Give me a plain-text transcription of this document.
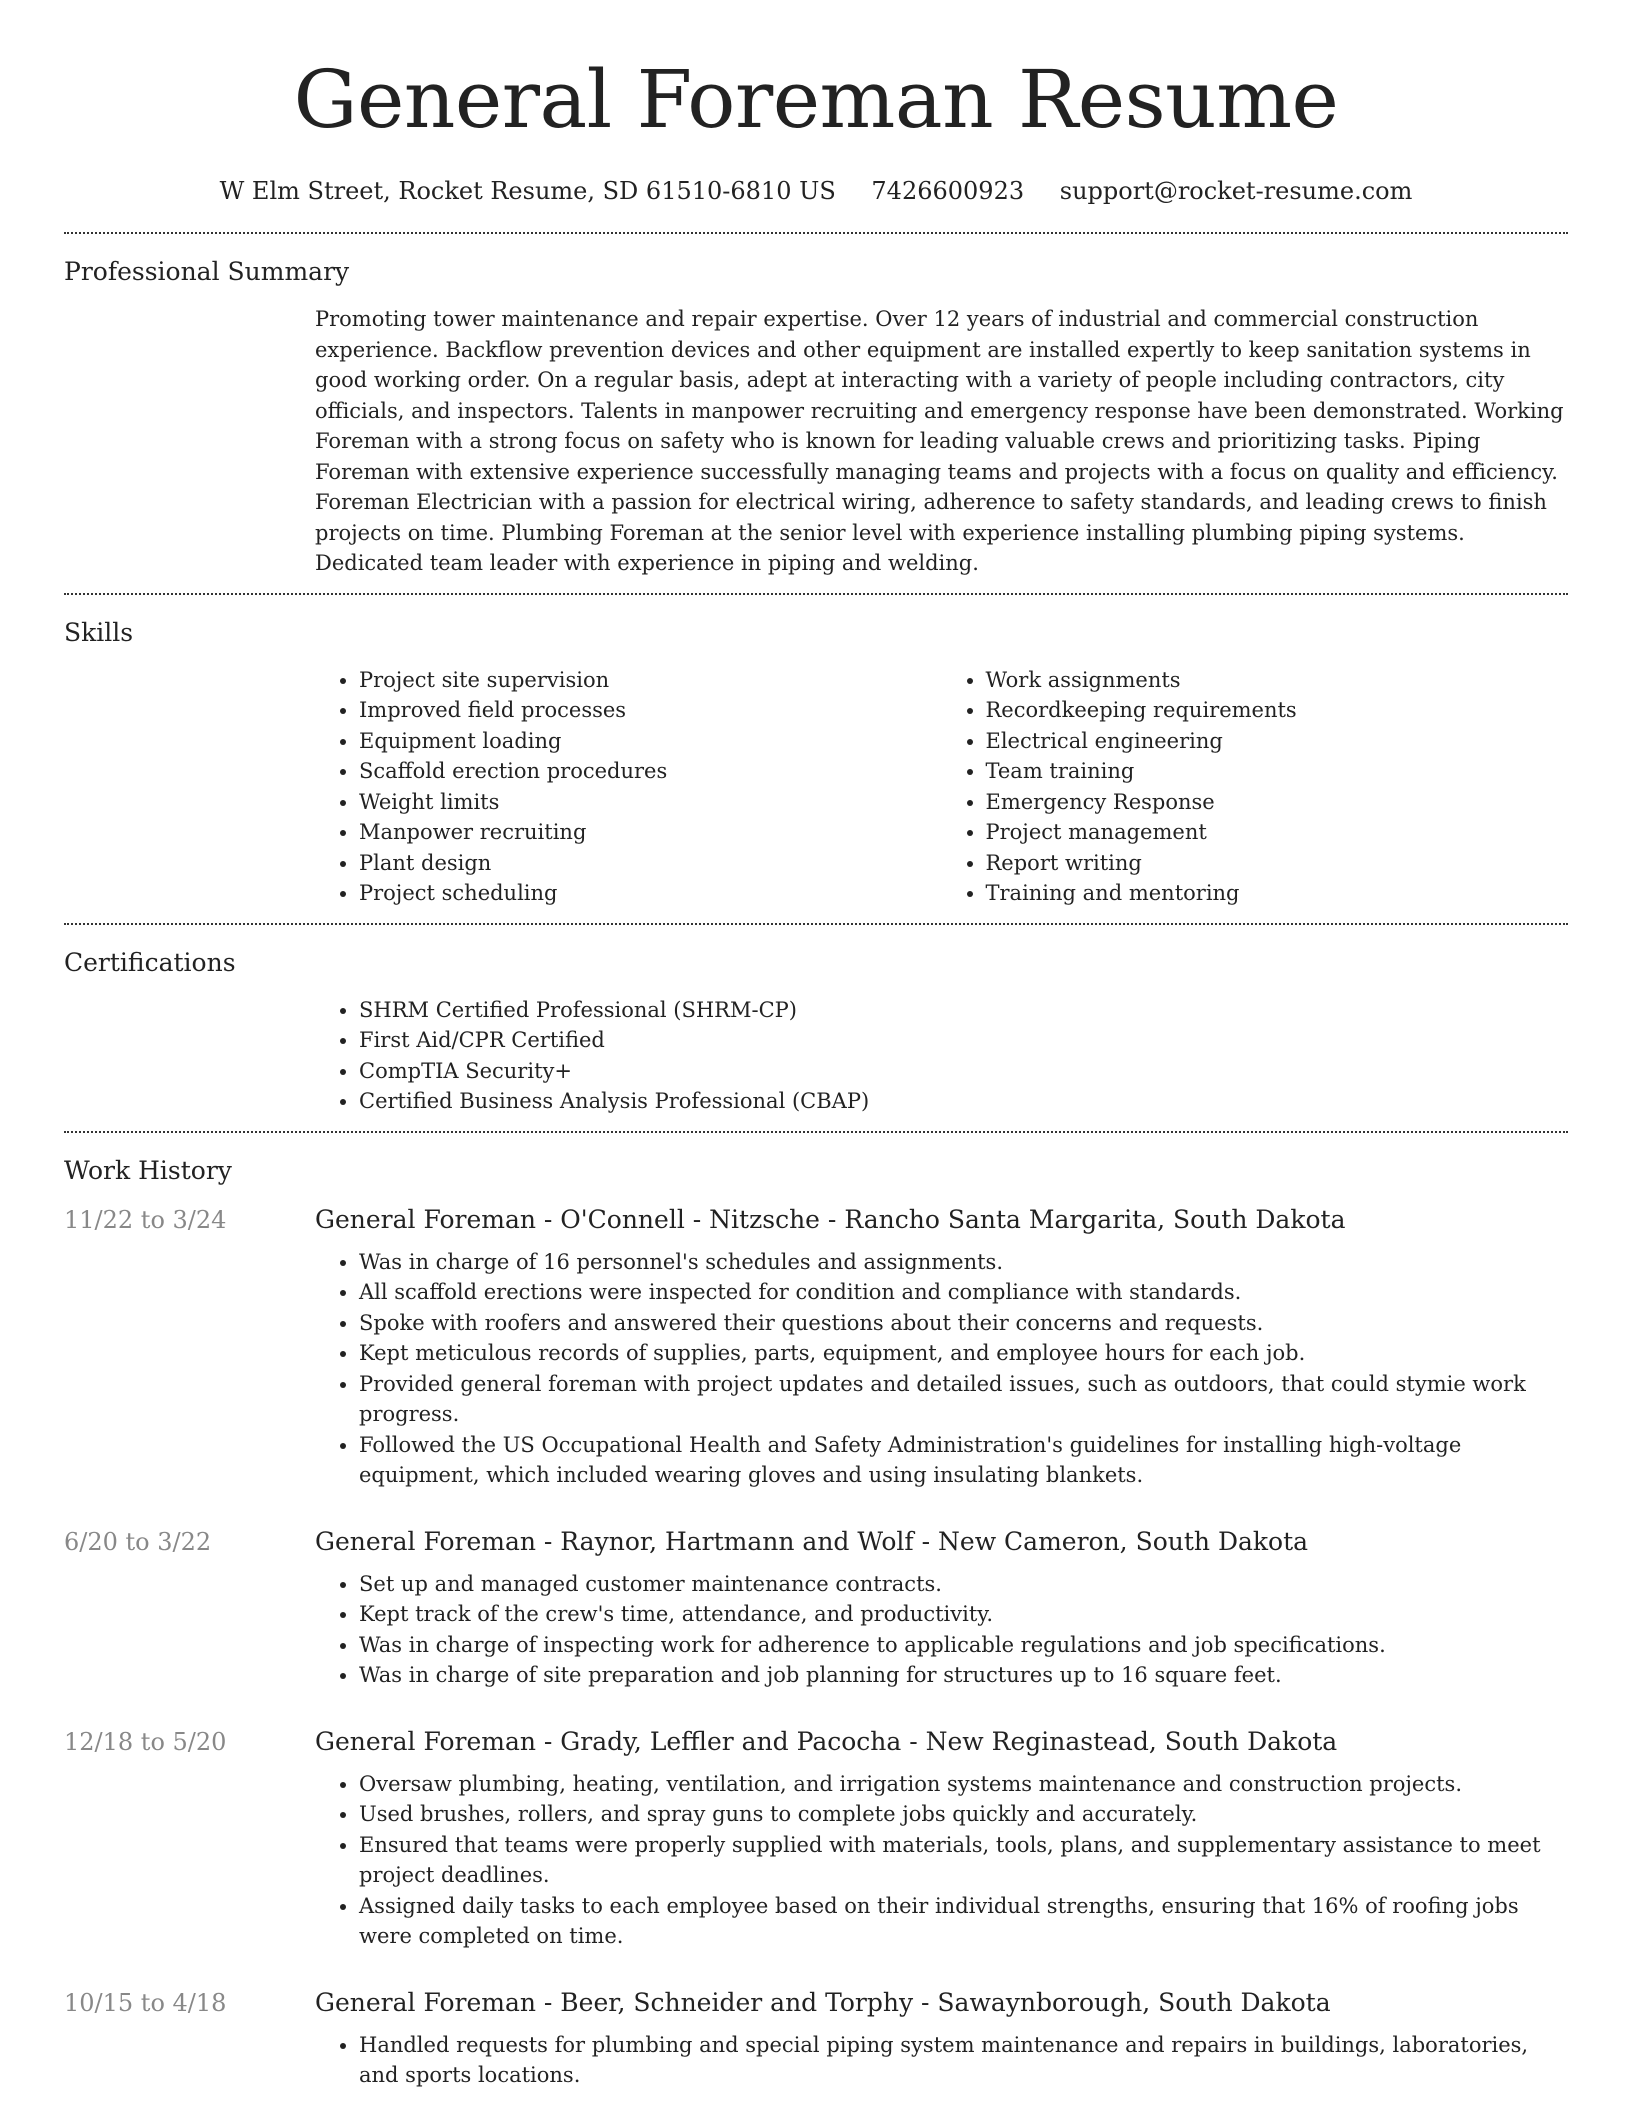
General Foreman Resume
W Elm Street, Rocket Resume, SD 61510-6810 US 7426600923 support@rocket-resume.com
Professional Summary
Promoting tower maintenance and repair expertise. Over 12 years of industrial and commercial construction experience. Backflow prevention devices and other equipment are installed expertly to keep sanitation systems in good working order. On a regular basis, adept at interacting with a variety of people including contractors, city officials, and inspectors. Talents in manpower recruiting and emergency response have been demonstrated. Working Foreman with a strong focus on safety who is known for leading valuable crews and prioritizing tasks. Piping Foreman with extensive experience successfully managing teams and projects with a focus on quality and efficiency. Foreman Electrician with a passion for electrical wiring, adherence to safety standards, and leading crews to finish projects on time. Plumbing Foreman at the senior level with experience installing plumbing piping systems. Dedicated team leader with experience in piping and welding.
Skills
• Project site supervision
• Improved field processes
• Equipment loading
• Scaffold erection procedures
• Weight limits
• Manpower recruiting
• Plant design
• Project scheduling
• Work assignments
• Recordkeeping requirements
• Electrical engineering
• Team training
• Emergency Response
• Project management
• Report writing
• Training and mentoring
Certifications
• SHRM Certified Professional (SHRM-CP)
• First Aid/CPR Certified
• CompTIA Security+
• Certified Business Analysis Professional (CBAP)
Work History
11/22 to 3/24	General Foreman - O'Connell - Nitzsche - Rancho Santa Margarita, South Dakota
• Was in charge of 16 personnel's schedules and assignments.
• All scaffold erections were inspected for condition and compliance with standards.
• Spoke with roofers and answered their questions about their concerns and requests.
• Kept meticulous records of supplies, parts, equipment, and employee hours for each job.
• Provided general foreman with project updates and detailed issues, such as outdoors, that could stymie work progress.
• Followed the US Occupational Health and Safety Administration's guidelines for installing high-voltage equipment, which included wearing gloves and using insulating blankets.
6/20 to 3/22	General Foreman - Raynor, Hartmann and Wolf - New Cameron, South Dakota
• Set up and managed customer maintenance contracts.
• Kept track of the crew's time, attendance, and productivity.
• Was in charge of inspecting work for adherence to applicable regulations and job specifications.
• Was in charge of site preparation and job planning for structures up to 16 square feet.
12/18 to 5/20	General Foreman - Grady, Leffler and Pacocha - New Reginastead, South Dakota
• Oversaw plumbing, heating, ventilation, and irrigation systems maintenance and construction projects.
• Used brushes, rollers, and spray guns to complete jobs quickly and accurately.
• Ensured that teams were properly supplied with materials, tools, plans, and supplementary assistance to meet project deadlines.
• Assigned daily tasks to each employee based on their individual strengths, ensuring that 16% of roofing jobs were completed on time.
10/15 to 4/18	General Foreman - Beer, Schneider and Torphy - Sawaynborough, South Dakota
• Handled requests for plumbing and special piping system maintenance and repairs in buildings, laboratories, and sports locations.
